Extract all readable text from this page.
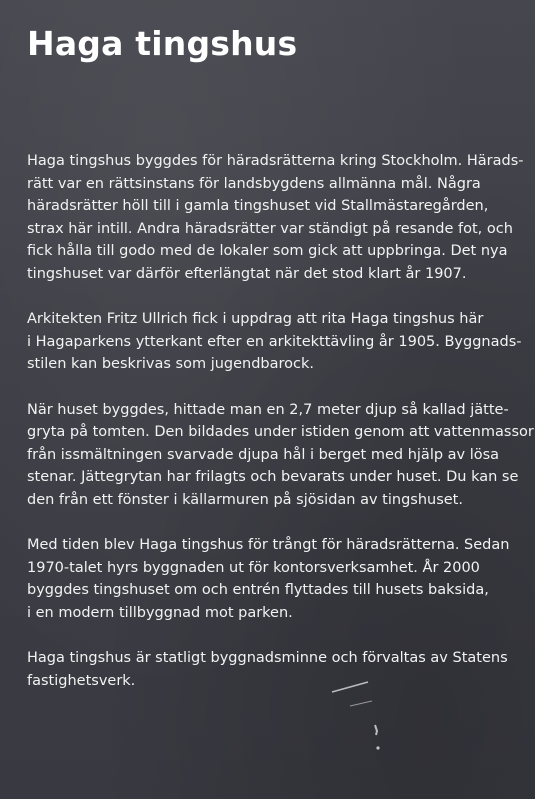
Haga tingshus

Haga tingshus byggdes för häradsrätterna kring Stockholm. Härads-
rätt var en rättsinstans för landsbygdens allmänna mål. Några
häradsrätter höll till i gamla tingshuset vid Stallmästaregården,
strax här intill. Andra häradsrätter var ständigt på resande fot, och
fick hålla till godo med de lokaler som gick att uppbringa. Det nya
tingshuset var därför efterlängtat när det stod klart år 1907.

Arkitekten Fritz Ullrich fick i uppdrag att rita Haga tingshus här
i Hagaparkens ytterkant efter en arkitekttävling år 1905. Byggnads-
stilen kan beskrivas som jugendbarock.

När huset byggdes, hittade man en 2,7 meter djup så kallad jätte-
gryta på tomten. Den bildades under istiden genom att vattenmassor
från issmältningen svarvade djupa hål i berget med hjälp av lösa
stenar. Jättegrytan har frilagts och bevarats under huset. Du kan se
den från ett fönster i källarmuren på sjösidan av tingshuset.

Med tiden blev Haga tingshus för trångt för häradsrätterna. Sedan
1970-talet hyrs byggnaden ut för kontorsverksamhet. År 2000
byggdes tingshuset om och entrén flyttades till husets baksida,
i en modern tillbyggnad mot parken.

Haga tingshus är statligt byggnadsminne och förvaltas av Statens
fastighetsverk.
